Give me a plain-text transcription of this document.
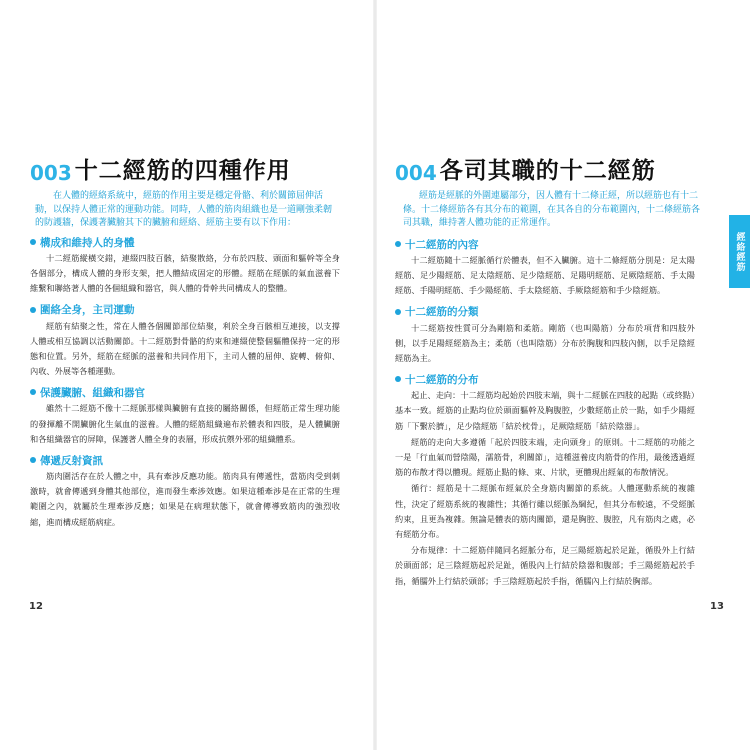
003 十二經筋的四種作用
在人體的經絡系統中，經筋的作用主要是穩定骨骼、利於關節屈伸活動，以保持人體正常的運動功能。同時，人體的筋肉組織也是一道剛強柔韌的防護牆，保護著臟腑其下的臟腑和經絡、經筋主要有以下作用：
構成和維持人的身體

十二經筋縱橫交錯，連綴四肢百骸，結聚散絡，分布於四肢、頭面和軀幹等全身各個部分，構成人體的身形支架，把人體結成固定的形體。經筋在經脈的氣血滋養下維繫和聯絡著人體的各個組織和器官，與人體的骨幹共同構成人的整體。

圍絡全身，主司運動

經筋有結聚之性，常在人體各個關節部位結聚，利於全身百骸相互連接，以支撐人體或相互協調以活動關節。十二經筋對骨骼的約束和連綴使整個軀體保持一定的形態和位置。另外，經筋在經脈的滋養和共同作用下，主司人體的屈伸、旋轉、俯仰、內收、外展等各種運動。

保護臟腑、組織和器官

雖然十二經筋不像十二經脈那樣與臟腑有直接的屬絡關係，但經筋正常生理功能的發揮離不開臟腑化生氣血的滋養。人體的經筋組織遍布於體表和四肢，是人體臟腑和各組織器官的屏障，保護著人體全身的表層，形成抗禦外邪的組織體系。

傳遞反射資訊

筋肉圍活存在於人體之中，具有牽涉反應功能。筋肉具有傳遞性，當筋肉受到刺激時，就會傳遞到身體其他部位，進而發生牽涉效應。如果這種牽涉是在正常的生理範圍之內，就屬於生理牽涉反應；如果是在病理狀態下，就會傳導致筋肉的強烈收縮，進而構成經筋病症。

12
004 各司其職的十二經筋
經筋是經脈的外圍連屬部分，因人體有十二條正經，所以經筋也有十二條。十二條經筋各有其分布的範圍，在其各自的分布範圍內，十二條經筋各司其職，維持著人體功能的正常運作。
十二經筋的內容

十二經筋隨十二經脈循行於體表，但不入臟腑。這十二條經筋分別是：足太陽經筋、足少陽經筋、足太陰經筋、足少陰經筋、足陽明經筋、足厥陰經筋、手太陽經筋、手陽明經筋、手少陽經筋、手太陰經筋、手厥陰經筋和手少陰經筋。

十二經筋的分類

十二經筋按性質可分為剛筋和柔筋。剛筋（也叫陽筋）分布於項背和四肢外側，以手足陽經經筋為主；柔筋（也叫陰筋）分布於胸腹和四肢內側，以手足陰經經筋為主。

十二經筋的分布

起止、走向：十二經筋均起始於四肢末端，與十二經脈在四肢的起點（或終點）基本一致。經筋的止點均位於頭面軀幹及胸腹腔，少數經筋止於一點，如手少陽經筋「下繫於臍」，足少陰經筋「結於枕骨」，足厥陰經筋「結於陰器」。

經筋的走向大多遵循「起於四肢末端，走向頭身」的原則。十二經筋的功能之一是「行血氣而營陰陽，濡筋骨，利關節」，這種滋養皮肉筋骨的作用，最後透過經筋的布散才得以體現。經筋止點的條、束、片狀，更體現出經氣的布散情況。

循行：經筋是十二經脈布經氣於全身筋肉關節的系統。人體運動系統的複雜性，決定了經筋系統的複雜性；其循行雖以經脈為綱紀，但其分布較遠，不受經脈約束，且更為複雜。無論是體表的筋肉關節，還是胸腔、腹腔，凡有筋肉之處，必有經筋分布。

分布規律：十二經筋伴隨同名經脈分布，足三陽經筋起於足趾，循股外上行結於頭面部；足三陰經筋起於足趾，循股內上行結於陰器和腹部；手三陽經筋起於手指，循臑外上行結於頭部；手三陰經筋起於手指，循臑內上行結於胸部。

13
經絡經筋
